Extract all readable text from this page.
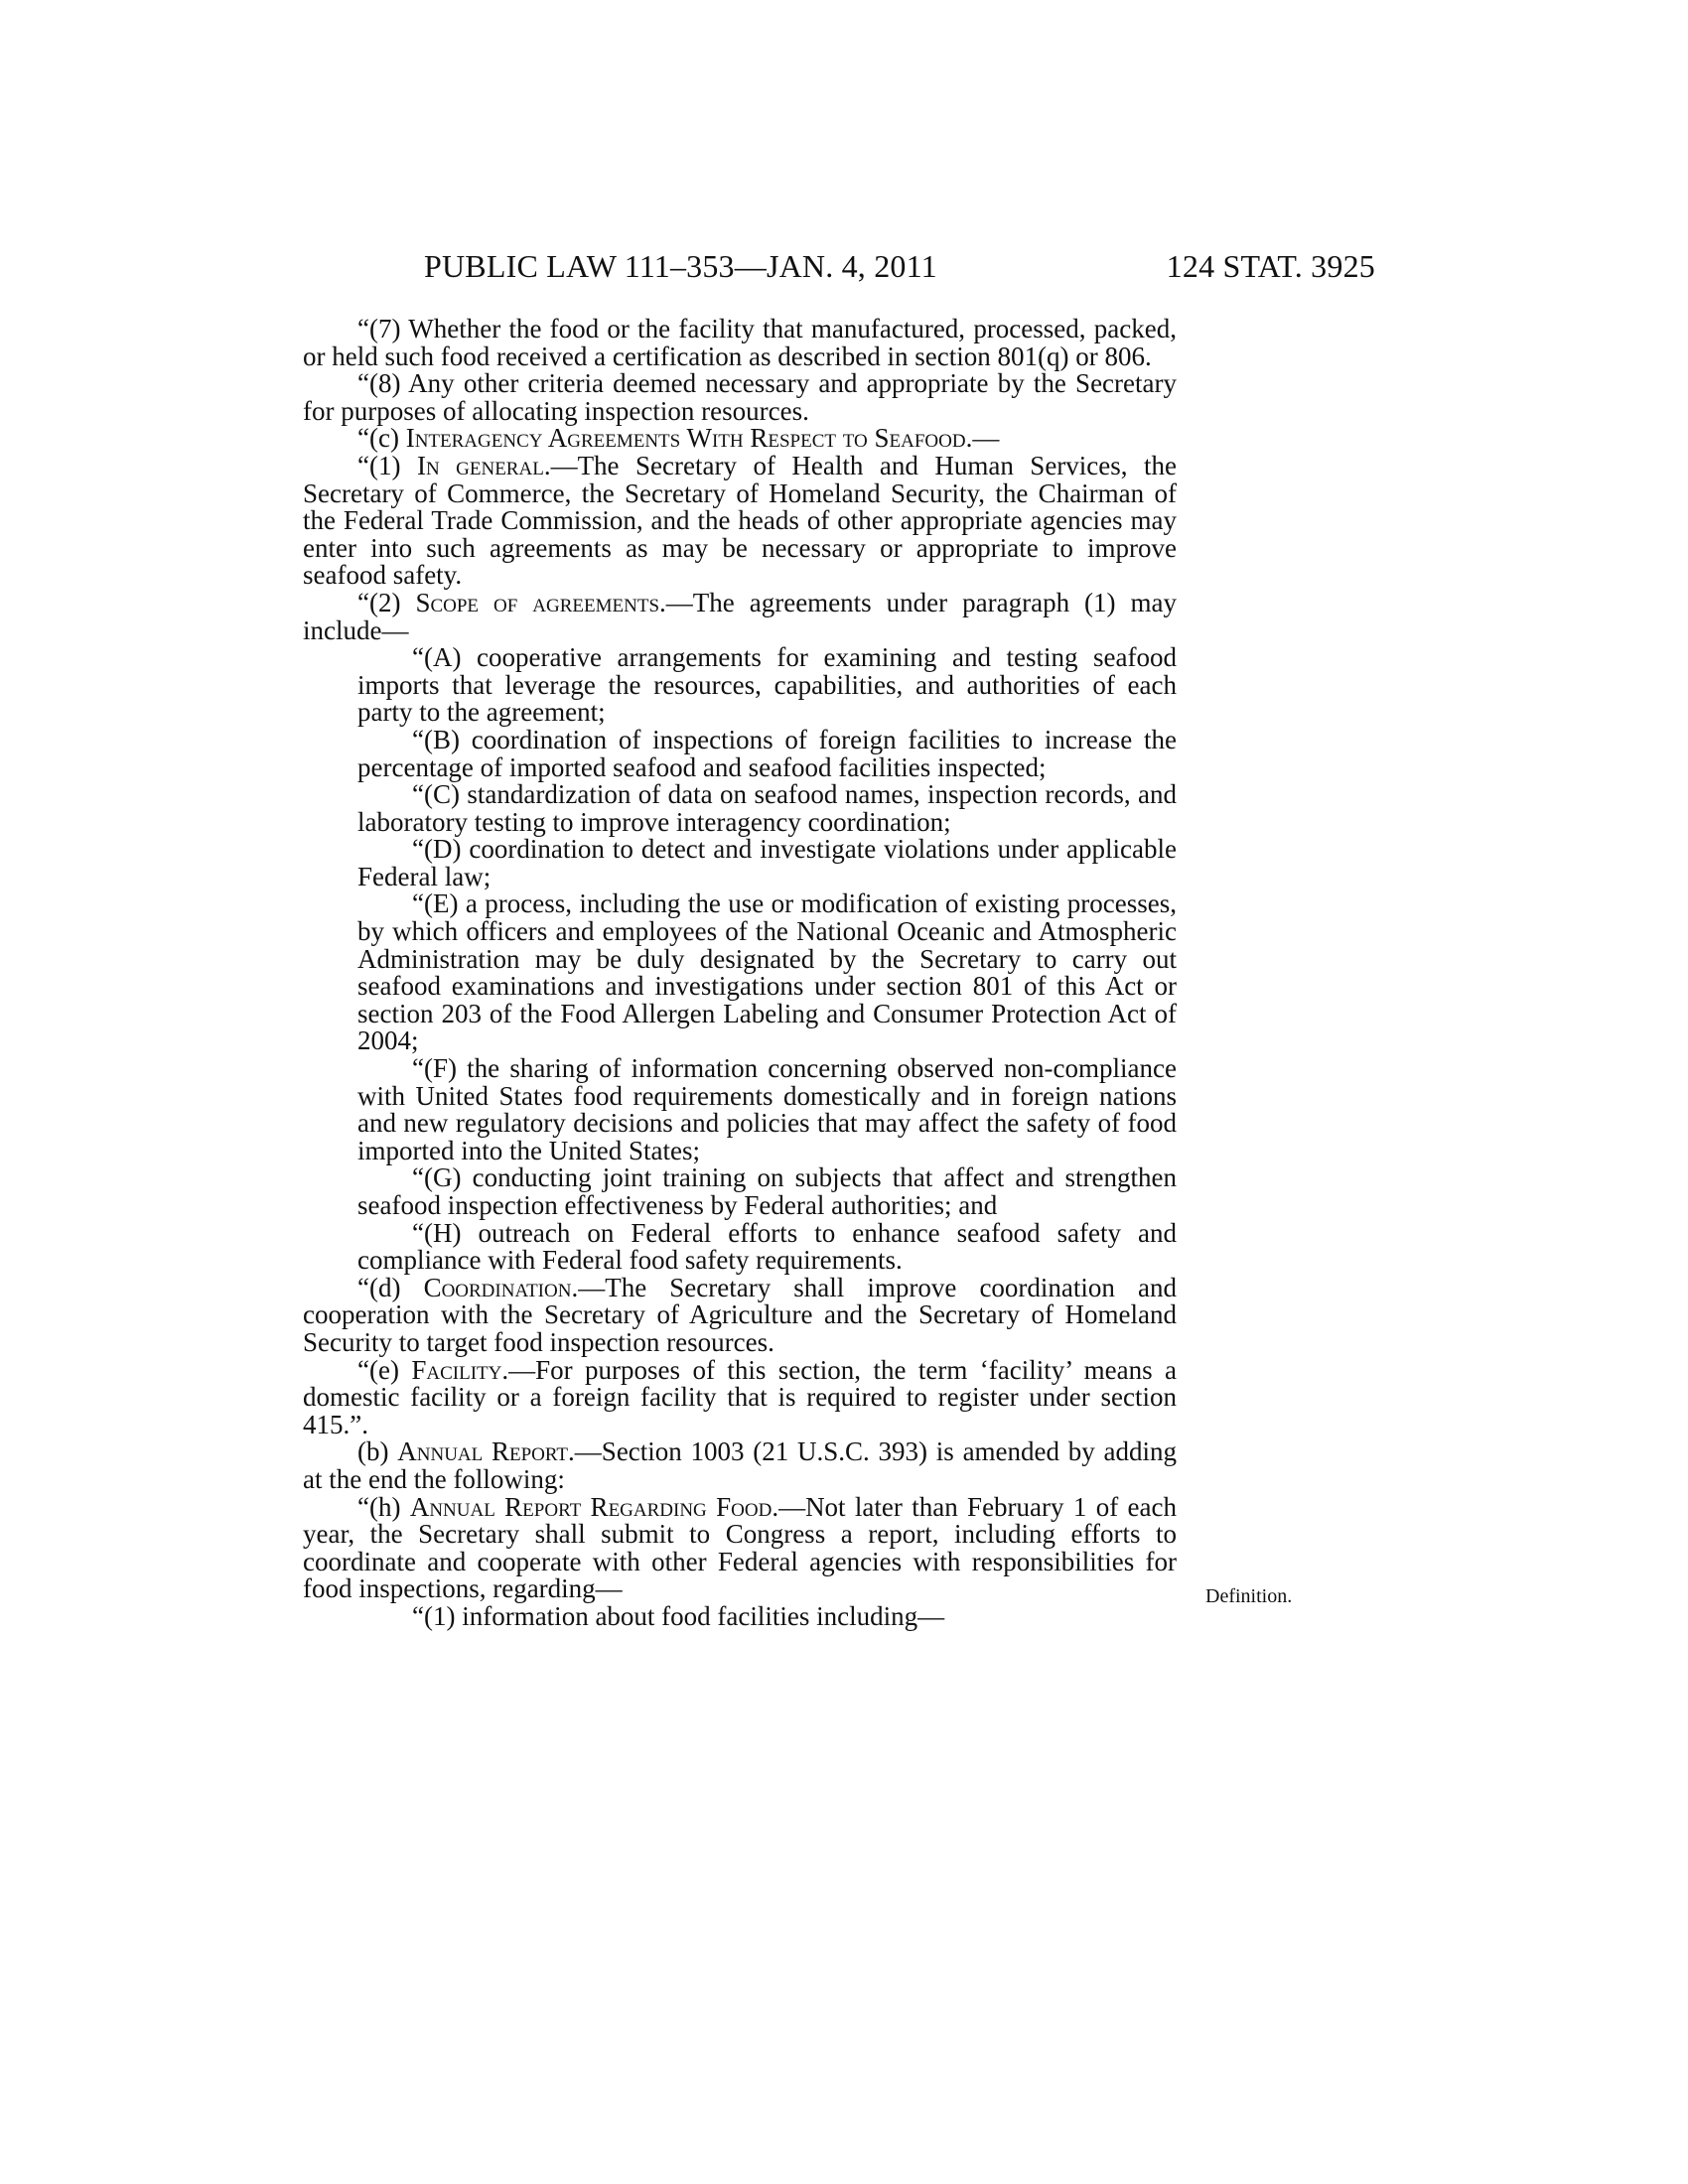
PUBLIC LAW 111–353—JAN. 4, 2011	124 STAT. 3925

“(7) Whether the food or the facility that manufactured, processed, packed, or held such food received a certification as described in section 801(q) or 806.

“(8) Any other criteria deemed necessary and appropriate by the Secretary for purposes of allocating inspection resources.

“(c) Interagency Agreements With Respect to Seafood.—

“(1) In general.—The Secretary of Health and Human Services, the Secretary of Commerce, the Secretary of Homeland Security, the Chairman of the Federal Trade Commission, and the heads of other appropriate agencies may enter into such agreements as may be necessary or appropriate to improve seafood safety.

“(2) Scope of agreements.—The agreements under paragraph (1) may include—

“(A) cooperative arrangements for examining and testing seafood imports that leverage the resources, capabilities, and authorities of each party to the agreement;

“(B) coordination of inspections of foreign facilities to increase the percentage of imported seafood and seafood facilities inspected;

“(C) standardization of data on seafood names, inspection records, and laboratory testing to improve interagency coordination;

“(D) coordination to detect and investigate violations under applicable Federal law;

“(E) a process, including the use or modification of existing processes, by which officers and employees of the National Oceanic and Atmospheric Administration may be duly designated by the Secretary to carry out seafood examinations and investigations under section 801 of this Act or section 203 of the Food Allergen Labeling and Consumer Protection Act of 2004;

“(F) the sharing of information concerning observed non-compliance with United States food requirements domestically and in foreign nations and new regulatory decisions and policies that may affect the safety of food imported into the United States;

“(G) conducting joint training on subjects that affect and strengthen seafood inspection effectiveness by Federal authorities; and

“(H) outreach on Federal efforts to enhance seafood safety and compliance with Federal food safety requirements.

“(d) Coordination.—The Secretary shall improve coordination and cooperation with the Secretary of Agriculture and the Secretary of Homeland Security to target food inspection resources.

“(e) Facility.—For purposes of this section, the term ‘facility’ means a domestic facility or a foreign facility that is required to register under section 415.”.

(b) Annual Report.—Section 1003 (21 U.S.C. 393) is amended by adding at the end the following:

“(h) Annual Report Regarding Food.—Not later than February 1 of each year, the Secretary shall submit to Congress a report, including efforts to coordinate and cooperate with other Federal agencies with responsibilities for food inspections, regarding—

“(1) information about food facilities including—

Definition.
